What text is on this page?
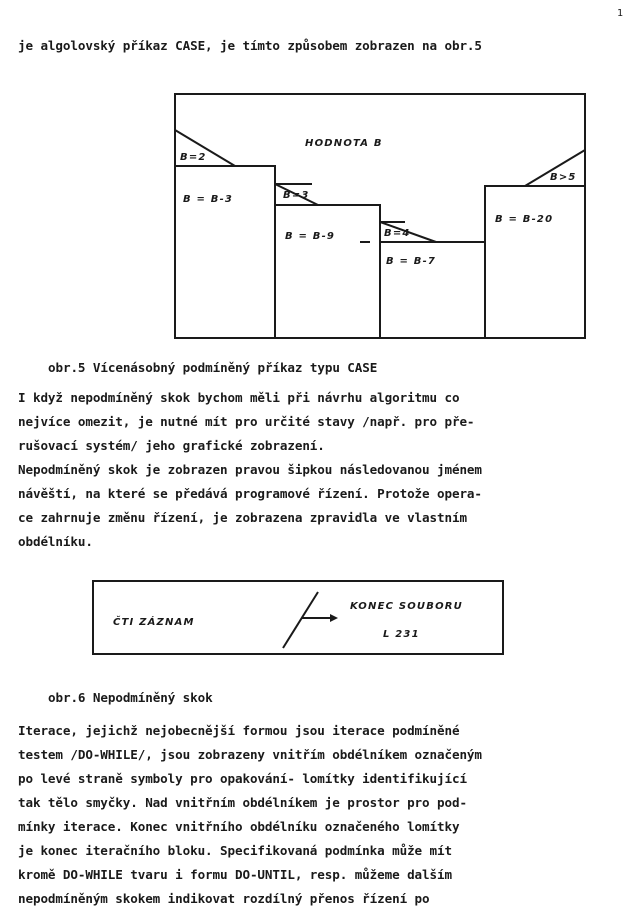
1
je algolovský příkaz CASE, je tímto způsobem zobrazen na obr.5
HODNOTA B
B=2
B=3
B=4
B>5
B = B-3
B = B-9
B = B-7
B = B-20
ČTI ZÁZNAM
KONEC SOUBORU
L 231
obr.5 Vícenásobný podmíněný příkaz typu CASE
I když nepodmíněný skok bychom měli při návrhu algoritmu co
nejvíce omezit, je nutné mít pro určité stavy /např. pro pře-
rušovací systém/ jeho grafické zobrazení.
Nepodmíněný skok je zobrazen pravou šipkou následovanou jménem
návěští, na které se předává programové řízení. Protože opera-
ce zahrnuje změnu řízení, je zobrazena zpravidla ve vlastním
obdélníku.
obr.6 Nepodmíněný skok
Iterace, jejichž nejobecnější formou jsou iterace podmíněné
testem /DO-WHILE/, jsou zobrazeny vnitřím obdélníkem označeným
po levé straně symboly pro opakování- lomítky identifikující
tak tělo smyčky. Nad vnitřním obdélníkem je prostor pro pod-
mínky iterace. Konec vnitřního obdélníku označeného lomítky
je konec iteračního bloku. Specifikovaná podmínka může mít
kromě DO-WHILE tvaru i formu DO-UNTIL, resp. můžeme dalším
nepodmíněným skokem indikovat rozdílný přenos řízení po
